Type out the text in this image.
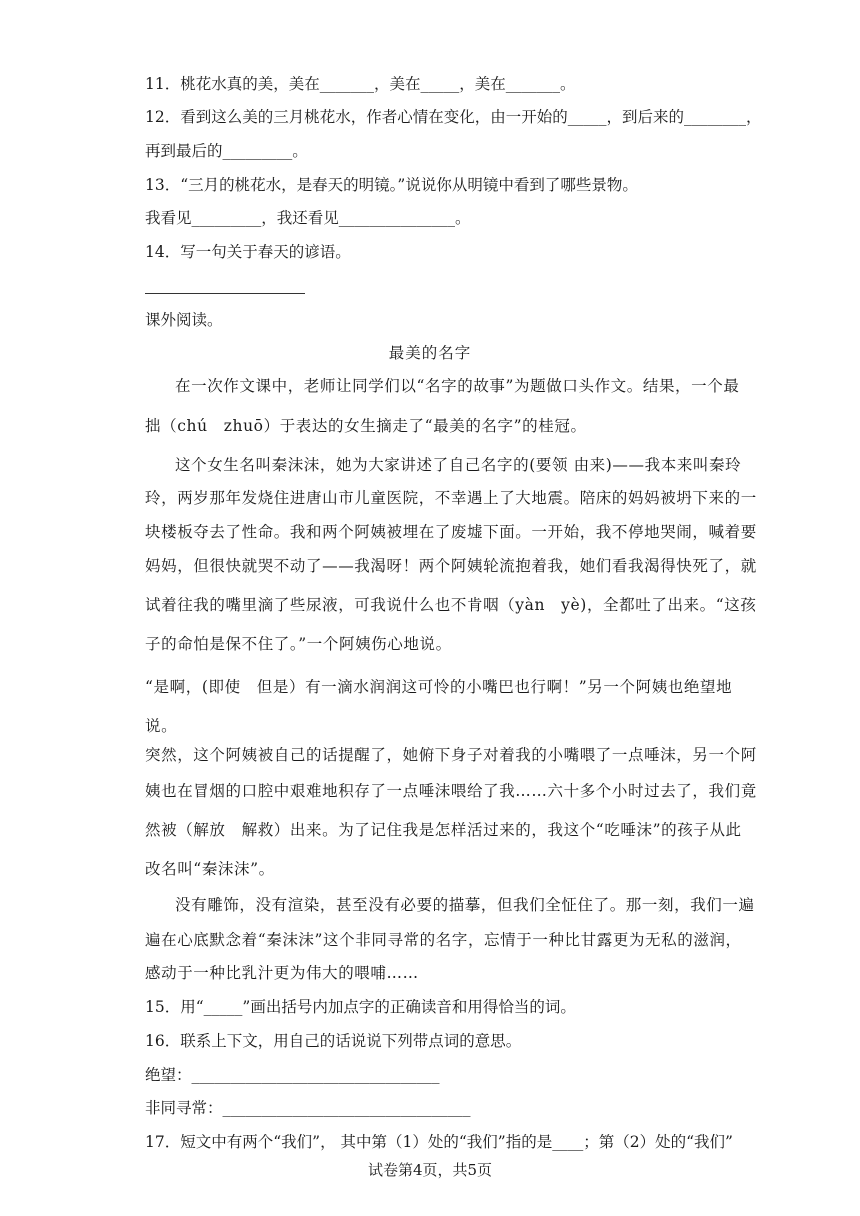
11．桃花水真的美，美在_______，美在_____，美在_______。
12．看到这么美的三月桃花水，作者心情在变化，由一开始的_____，到后来的________，
再到最后的_________。
13．“三月的桃花水，是春天的明镜。”说说你从明镜中看到了哪些景物。
我看见_________，我还看见_______________。
14．写一句关于春天的谚语。
课外阅读。
最美的名字
在一次作文课中，老师让同学们以“名字的故事”为题做口头作文。结果，一个最
拙（chú　zhuō）于表达的女生摘走了“最美的名字”的桂冠。
这个女生名叫秦沫沫，她为大家讲述了自己名字的(要领 由来)——我本来叫秦玲
玲，两岁那年发烧住进唐山市儿童医院，不幸遇上了大地震。陪床的妈妈被坍下来的一
块楼板夺去了性命。我和两个阿姨被埋在了废墟下面。一开始，我不停地哭闹，喊着要
妈妈，但很快就哭不动了——我渴呀！两个阿姨轮流抱着我，她们看我渴得快死了，就
试着往我的嘴里滴了些尿液，可我说什么也不肯咽（yàn　yè)，全都吐了出来。“这孩
子的命怕是保不住了。”一个阿姨伤心地说。
“是啊，(即使　但是）有一滴水润润这可怜的小嘴巴也行啊！”另一个阿姨也绝望地
说。
突然，这个阿姨被自己的话提醒了，她俯下身子对着我的小嘴喂了一点唾沫，另一个阿
姨也在冒烟的口腔中艰难地积存了一点唾沫喂给了我……六十多个小时过去了，我们竟
然被（解放　解救）出来。为了记住我是怎样活过来的，我这个“吃唾沫”的孩子从此
改名叫“秦沫沫”。
没有雕饰，没有渲染，甚至没有必要的描摹，但我们全怔住了。那一刻，我们一遍
遍在心底默念着“秦沫沫”这个非同寻常的名字，忘情于一种比甘露更为无私的滋润，
感动于一种比乳汁更为伟大的喂哺……
15．用“_____”画出括号内加点字的正确读音和用得恰当的词。
16．联系上下文，用自己的话说说下列带点词的意思。
绝望：________________________________
非同寻常：________________________________
17．短文中有两个“我们”， 其中第（1）处的“我们”指的是____；第（2）处的“我们”
试卷第4页，共5页
